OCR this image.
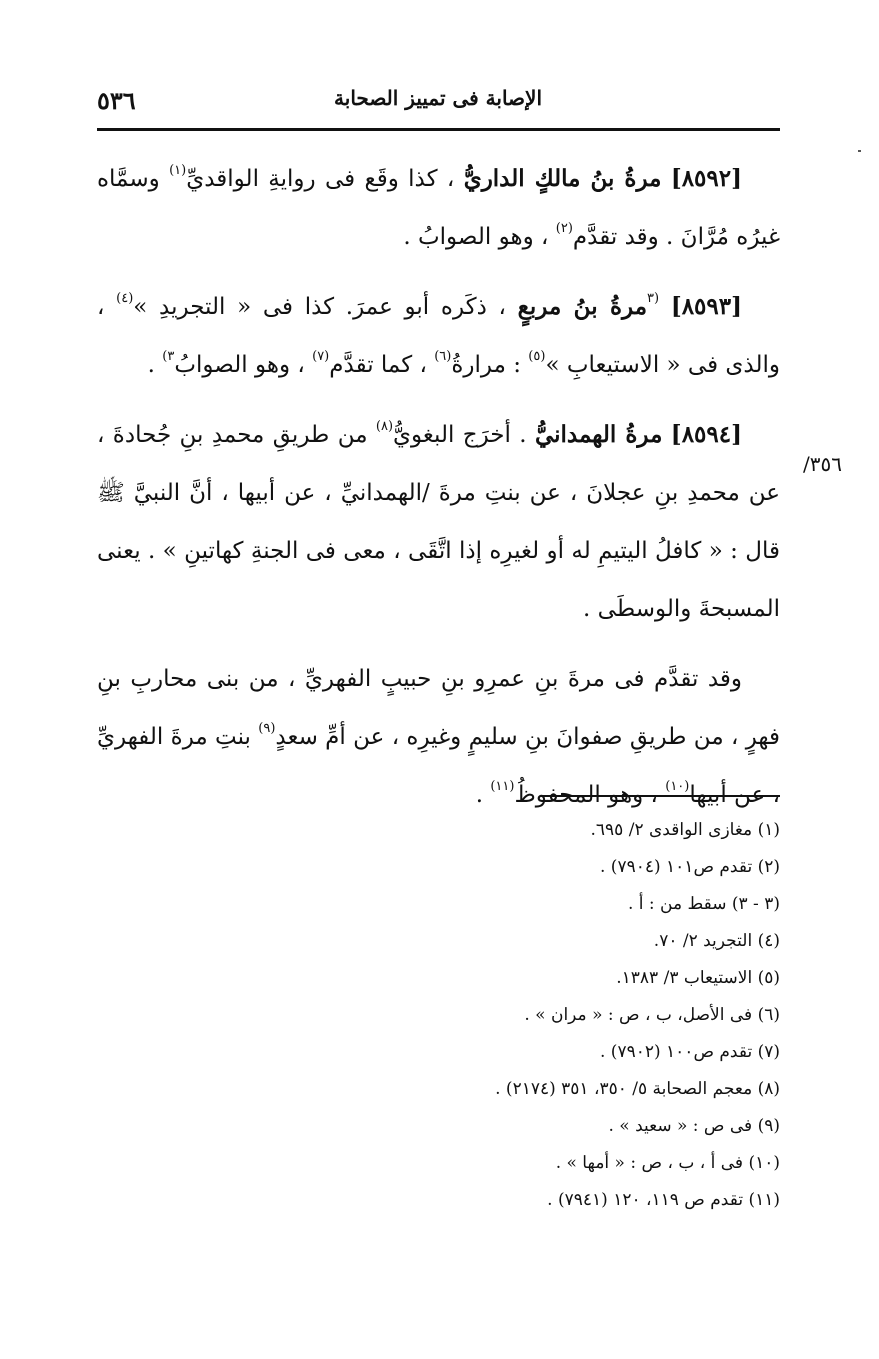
٥٣٦	الإصابة فى تمييز الصحابة
٣٥٦/

[٨٥٩٢] مرةُ بنُ مالكٍ الداريُّ ، كذا وقَع فى روايةِ الواقديِّ$^{(١)}$ وسمَّاه غيرُه مُرَّانَ . وقد تقدَّم$^{(٢)}$ ، وهو الصوابُ .

[٨٥٩٣] $^{(٣}$مرةُ بنُ مربعٍ ، ذكَره أبو عمرَ. كذا فى « التجريدِ »$^{(٤)}$ ، والذى فى « الاستيعابِ »$^{(٥)}$ : مرارةُ$^{(٦)}$ ، كما تقدَّم$^{(٧)}$ ، وهو الصوابُ$^{٣)}$ .

[٨٥٩٤] مرةُ الهمدانيُّ . أخرَج البغويُّ$^{(٨)}$ من طريقِ محمدِ بنِ جُحادةَ ، عن محمدِ بنِ عجلانَ ، عن بنتِ مرةَ /الهمدانيِّ ، عن أبيها ، أنَّ النبيَّ ﷺ قال : « كافلُ اليتيمِ له أو لغيرِه إذا اتَّقَى ، معى فى الجنةِ كهاتينِ » . يعنى المسبحةَ والوسطَى .

وقد تقدَّم فى مرةَ بنِ عمرِو بنِ حبيبٍ الفهريِّ ، من بنى محاربِ بنِ فهرٍ ، من طريقِ صفوانَ بنِ سليمٍ وغيرِه ، عن أمِّ سعدٍ$^{(٩)}$ بنتِ مرةَ الفهريِّ ، عن أبيها$^{(١٠)}$ ، وهو المحفوظُ$^{(١١)}$ .

(١) مغازى الواقدى ٢/ ٦٩٥.
(٢) تقدم ص١٠١ (٧٩٠٤) .
(٣ - ٣) سقط من : أ .
(٤) التجريد ٢/ ٧٠.
(٥) الاستيعاب ٣/ ١٣٨٣.
(٦) فى الأصل، ب ، ص : « مران » .
(٧) تقدم ص١٠٠ (٧٩٠٢) .
(٨) معجم الصحابة ٥/ ٣٥٠، ٣٥١ (٢١٧٤) .
(٩) فى ص : « سعيد » .
(١٠) فى أ ، ب ، ص : « أمها » .
(١١) تقدم ص ١١٩، ١٢٠ (٧٩٤١) .
